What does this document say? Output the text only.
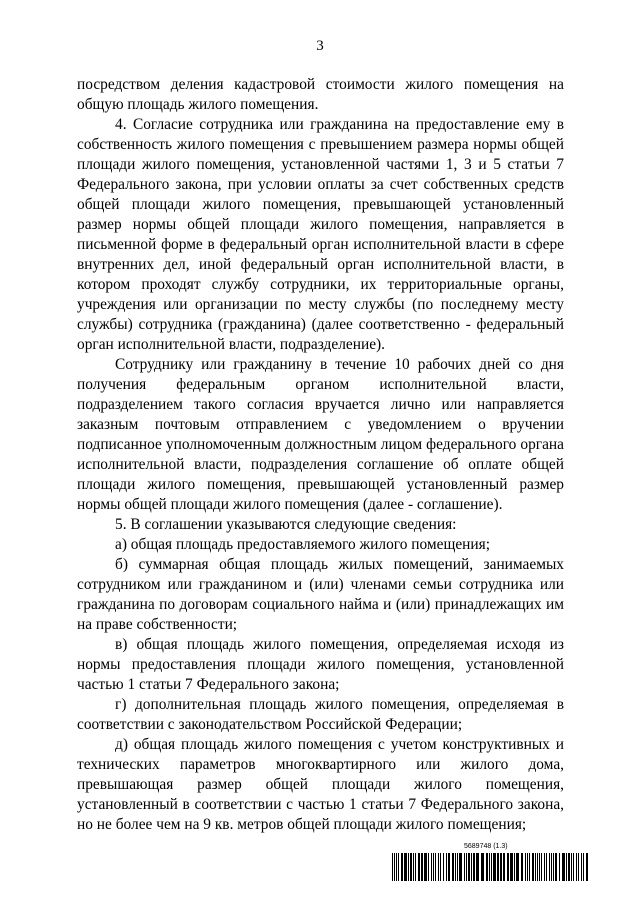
3

посредством деления кадастровой стоимости жилого помещения на общую площадь жилого помещения.

4. Согласие сотрудника или гражданина на предоставление ему в собственность жилого помещения с превышением размера нормы общей площади жилого помещения, установленной частями 1, 3 и 5 статьи 7 Федерального закона, при условии оплаты за счет собственных средств общей площади жилого помещения, превышающей установленный размер нормы общей площади жилого помещения, направляется в письменной форме в федеральный орган исполнительной власти в сфере внутренних дел, иной федеральный орган исполнительной власти, в котором проходят службу сотрудники, их территориальные органы, учреждения или организации по месту службы (по последнему месту службы) сотрудника (гражданина) (далее соответственно - федеральный орган исполнительной власти, подразделение).

Сотруднику или гражданину в течение 10 рабочих дней со дня получения федеральным органом исполнительной власти, подразделением такого согласия вручается лично или направляется заказным почтовым отправлением с уведомлением о вручении подписанное уполномоченным должностным лицом федерального органа исполнительной власти, подразделения соглашение об оплате общей площади жилого помещения, превышающей установленный размер нормы общей площади жилого помещения (далее - соглашение).

5. В соглашении указываются следующие сведения:

а) общая площадь предоставляемого жилого помещения;

б) суммарная общая площадь жилых помещений, занимаемых сотрудником или гражданином и (или) членами семьи сотрудника или гражданина по договорам социального найма и (или) принадлежащих им на праве собственности;

в) общая площадь жилого помещения, определяемая исходя из нормы предоставления площади жилого помещения, установленной частью 1 статьи 7 Федерального закона;

г) дополнительная площадь жилого помещения, определяемая в соответствии с законодательством Российской Федерации;

д) общая площадь жилого помещения с учетом конструктивных и технических параметров многоквартирного или жилого дома, превышающая размер общей площади жилого помещения, установленный в соответствии с частью 1 статьи 7 Федерального закона, но не более чем на 9 кв. метров общей площади жилого помещения;

5689748 (1.3)
